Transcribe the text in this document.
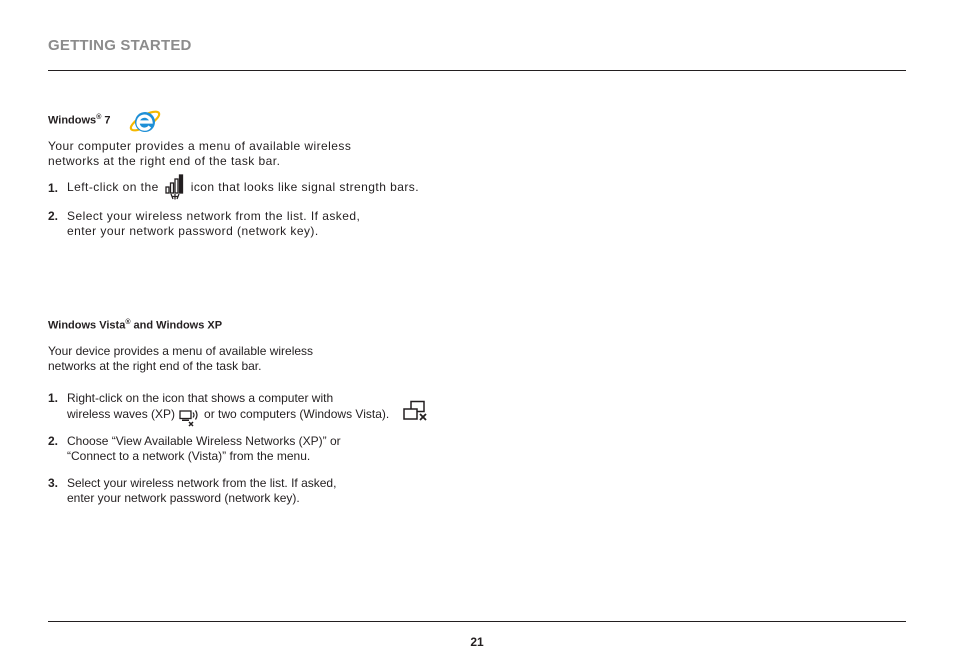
GETTING STARTED
Windows® 7
Your computer provides a menu of available wireless
networks at the right end of the task bar.
1. Left-click on the	icon that looks like signal strength bars.
2. Select your wireless network from the list. If asked,
enter your network password (network key).
Windows Vista® and Windows XP
Your device provides a menu of available wireless
networks at the right end of the task bar.
1. Right-click on the icon that shows a computer with
wireless waves (XP) or two computers (Windows Vista).
2. Choose “View Available Wireless Networks (XP)” or
“Connect to a network (Vista)” from the menu.
3. Select your wireless network from the list. If asked,
enter your network password (network key).
21
